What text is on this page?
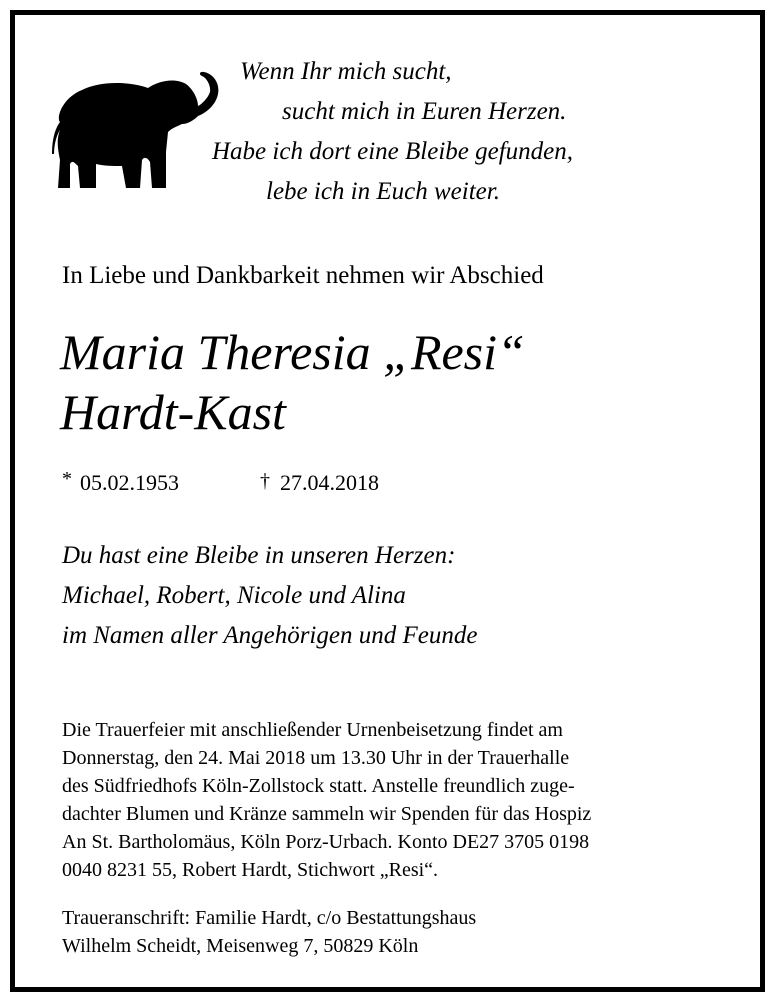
Wenn Ihr mich sucht,
sucht mich in Euren Herzen.
Habe ich dort eine Bleibe gefunden,
lebe ich in Euch weiter.
In Liebe und Dankbarkeit nehmen wir Abschied
Maria Theresia „Resi“
Hardt-Kast
* 05.02.1953	† 27.04.2018
Du hast eine Bleibe in unseren Herzen:
Michael, Robert, Nicole und Alina
im Namen aller Angehörigen und Feunde
Die Trauerfeier mit anschließender Urnenbeisetzung findet am
Donnerstag, den 24. Mai 2018 um 13.30 Uhr in der Trauerhalle
des Südfriedhofs Köln-Zollstock statt. Anstelle freundlich zuge-
dachter Blumen und Kränze sammeln wir Spenden für das Hospiz
An St. Bartholomäus, Köln Porz-Urbach. Konto DE27 3705 0198
0040 8231 55, Robert Hardt, Stichwort „Resi“.
Traueranschrift: Familie Hardt, c/o Bestattungshaus
Wilhelm Scheidt, Meisenweg 7, 50829 Köln
